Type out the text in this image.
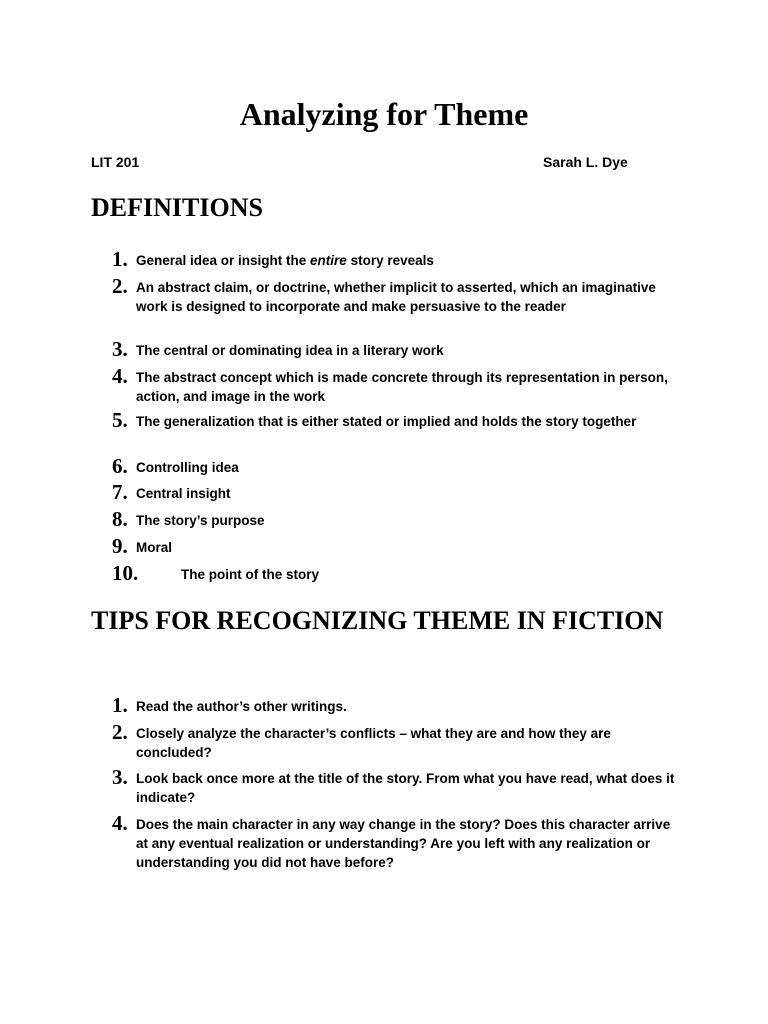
Analyzing for Theme
LIT 201	Sarah L. Dye
DEFINITIONS
1. General idea or insight the entire story reveals
2. An abstract claim, or doctrine, whether implicit to asserted, which an imaginative work is designed to incorporate and make persuasive to the reader
3. The central or dominating idea in a literary work
4. The abstract concept which is made concrete through its representation in person, action, and image in the work
5. The generalization that is either stated or implied and holds the story together
6. Controlling idea
7. Central insight
8. The story’s purpose
9. Moral
10.	The point of the story
TIPS FOR RECOGNIZING THEME IN FICTION
1. Read the author’s other writings.
2. Closely analyze the character’s conflicts – what they are and how they are concluded?
3. Look back once more at the title of the story. From what you have read, what does it indicate?
4. Does the main character in any way change in the story? Does this character arrive at any eventual realization or understanding? Are you left with any realization or understanding you did not have before?
